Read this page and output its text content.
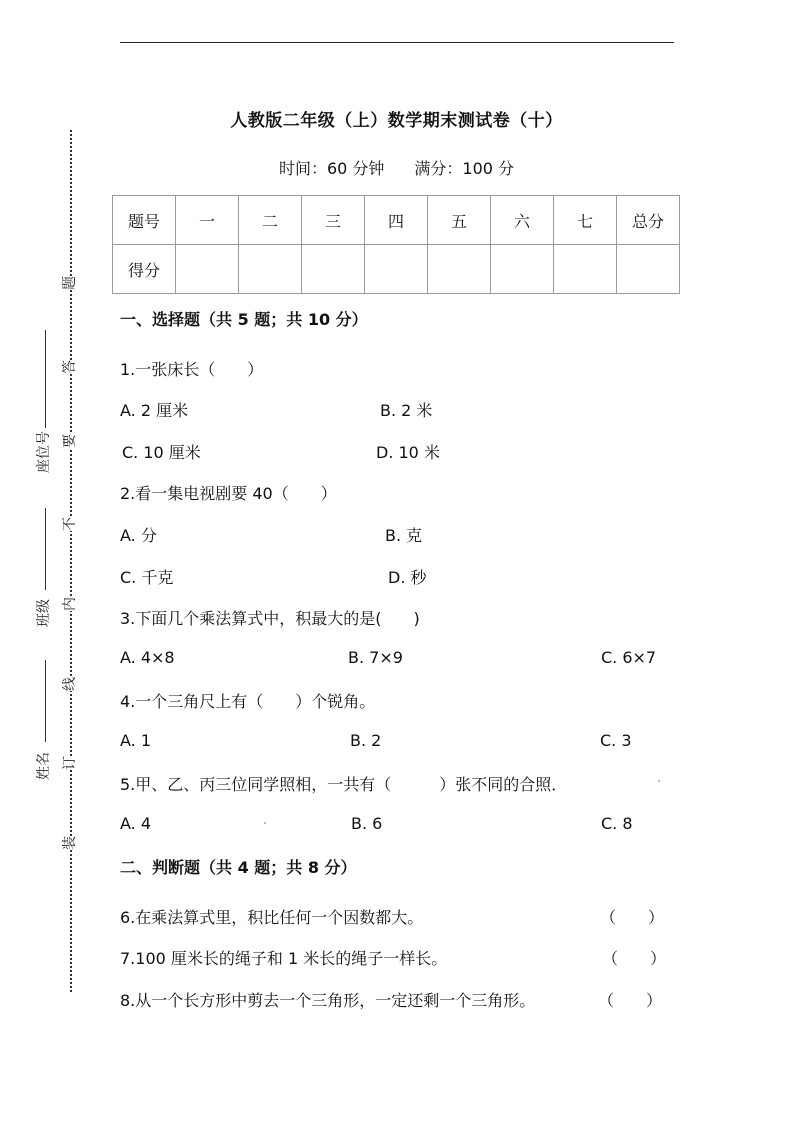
人教版二年级（上）数学期末测试卷（十）
时间：60 分钟 满分：100 分
题号	一	二	三	四	五	六	七	总分
得分								
一、选择题（共 5 题；共 10 分）
1.一张床长（　　）
A. 2 厘米	B. 2 米
C. 10 厘米	D. 10 米
2.看一集电视剧要 40（　　）
A. 分	B. 克
C. 千克	D. 秒
3.下面几个乘法算式中，积最大的是(　　)
A. 4×8	B. 7×9	C. 6×7
4.一个三角尺上有（　　）个锐角。
A. 1	B. 2	C. 3
5.甲、乙、丙三位同学照相，一共有（　　　）张不同的合照．
A. 4	B. 6	C. 8
二、判断题（共 4 题；共 8 分）
6.在乘法算式里，积比任何一个因数都大。	（　　）
7.100 厘米长的绳子和 1 米长的绳子一样长。	（　　）
8.从一个长方形中剪去一个三角形，一定还剩一个三角形。	（　　）
题
答
要
不
内
线
订
装
座位号
班级
姓名
